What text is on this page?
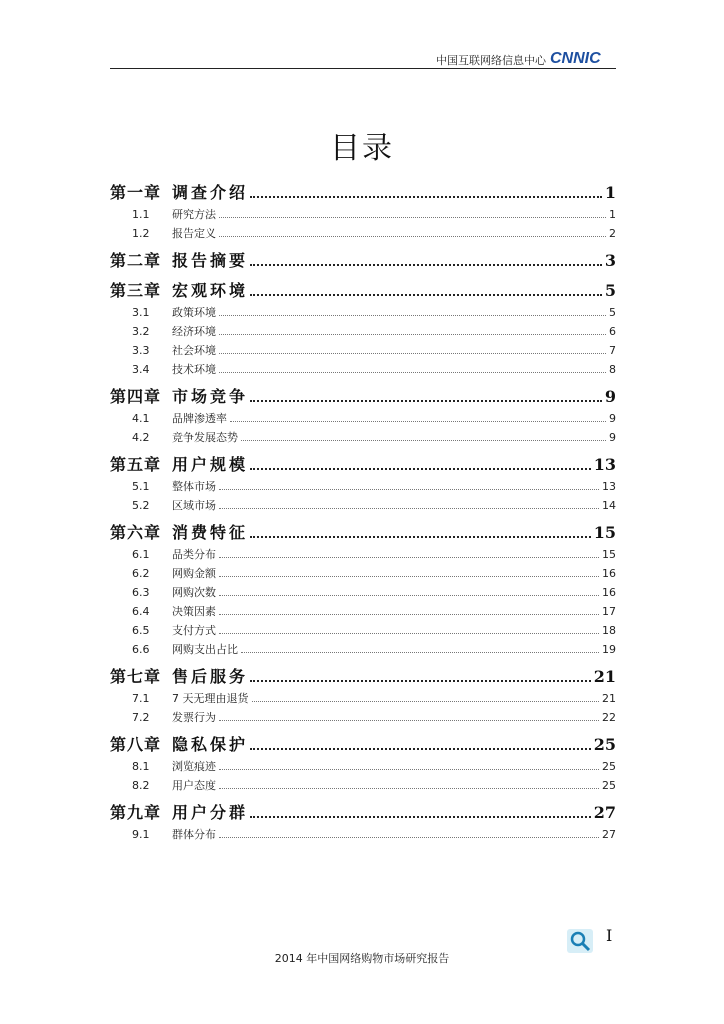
中国互联网络信息中心 CNNIC
目录
第一章 调查介绍	1
1.1	研究方法	1
1.2	报告定义	2
第二章 报告摘要	3
第三章 宏观环境	5
3.1	政策环境	5
3.2	经济环境	6
3.3	社会环境	7
3.4	技术环境	8
第四章 市场竞争	9
4.1	品牌渗透率	9
4.2	竞争发展态势	9
第五章 用户规模	13
5.1	整体市场	13
5.2	区域市场	14
第六章 消费特征	15
6.1	品类分布	15
6.2	网购金额	16
6.3	网购次数	16
6.4	决策因素	17
6.5	支付方式	18
6.6	网购支出占比	19
第七章 售后服务	21
7.1	7 天无理由退货	21
7.2	发票行为	22
第八章 隐私保护	25
8.1	浏览痕迹	25
8.2	用户态度	25
第九章 用户分群	27
9.1	群体分布	27
I
2014 年中国网络购物市场研究报告
